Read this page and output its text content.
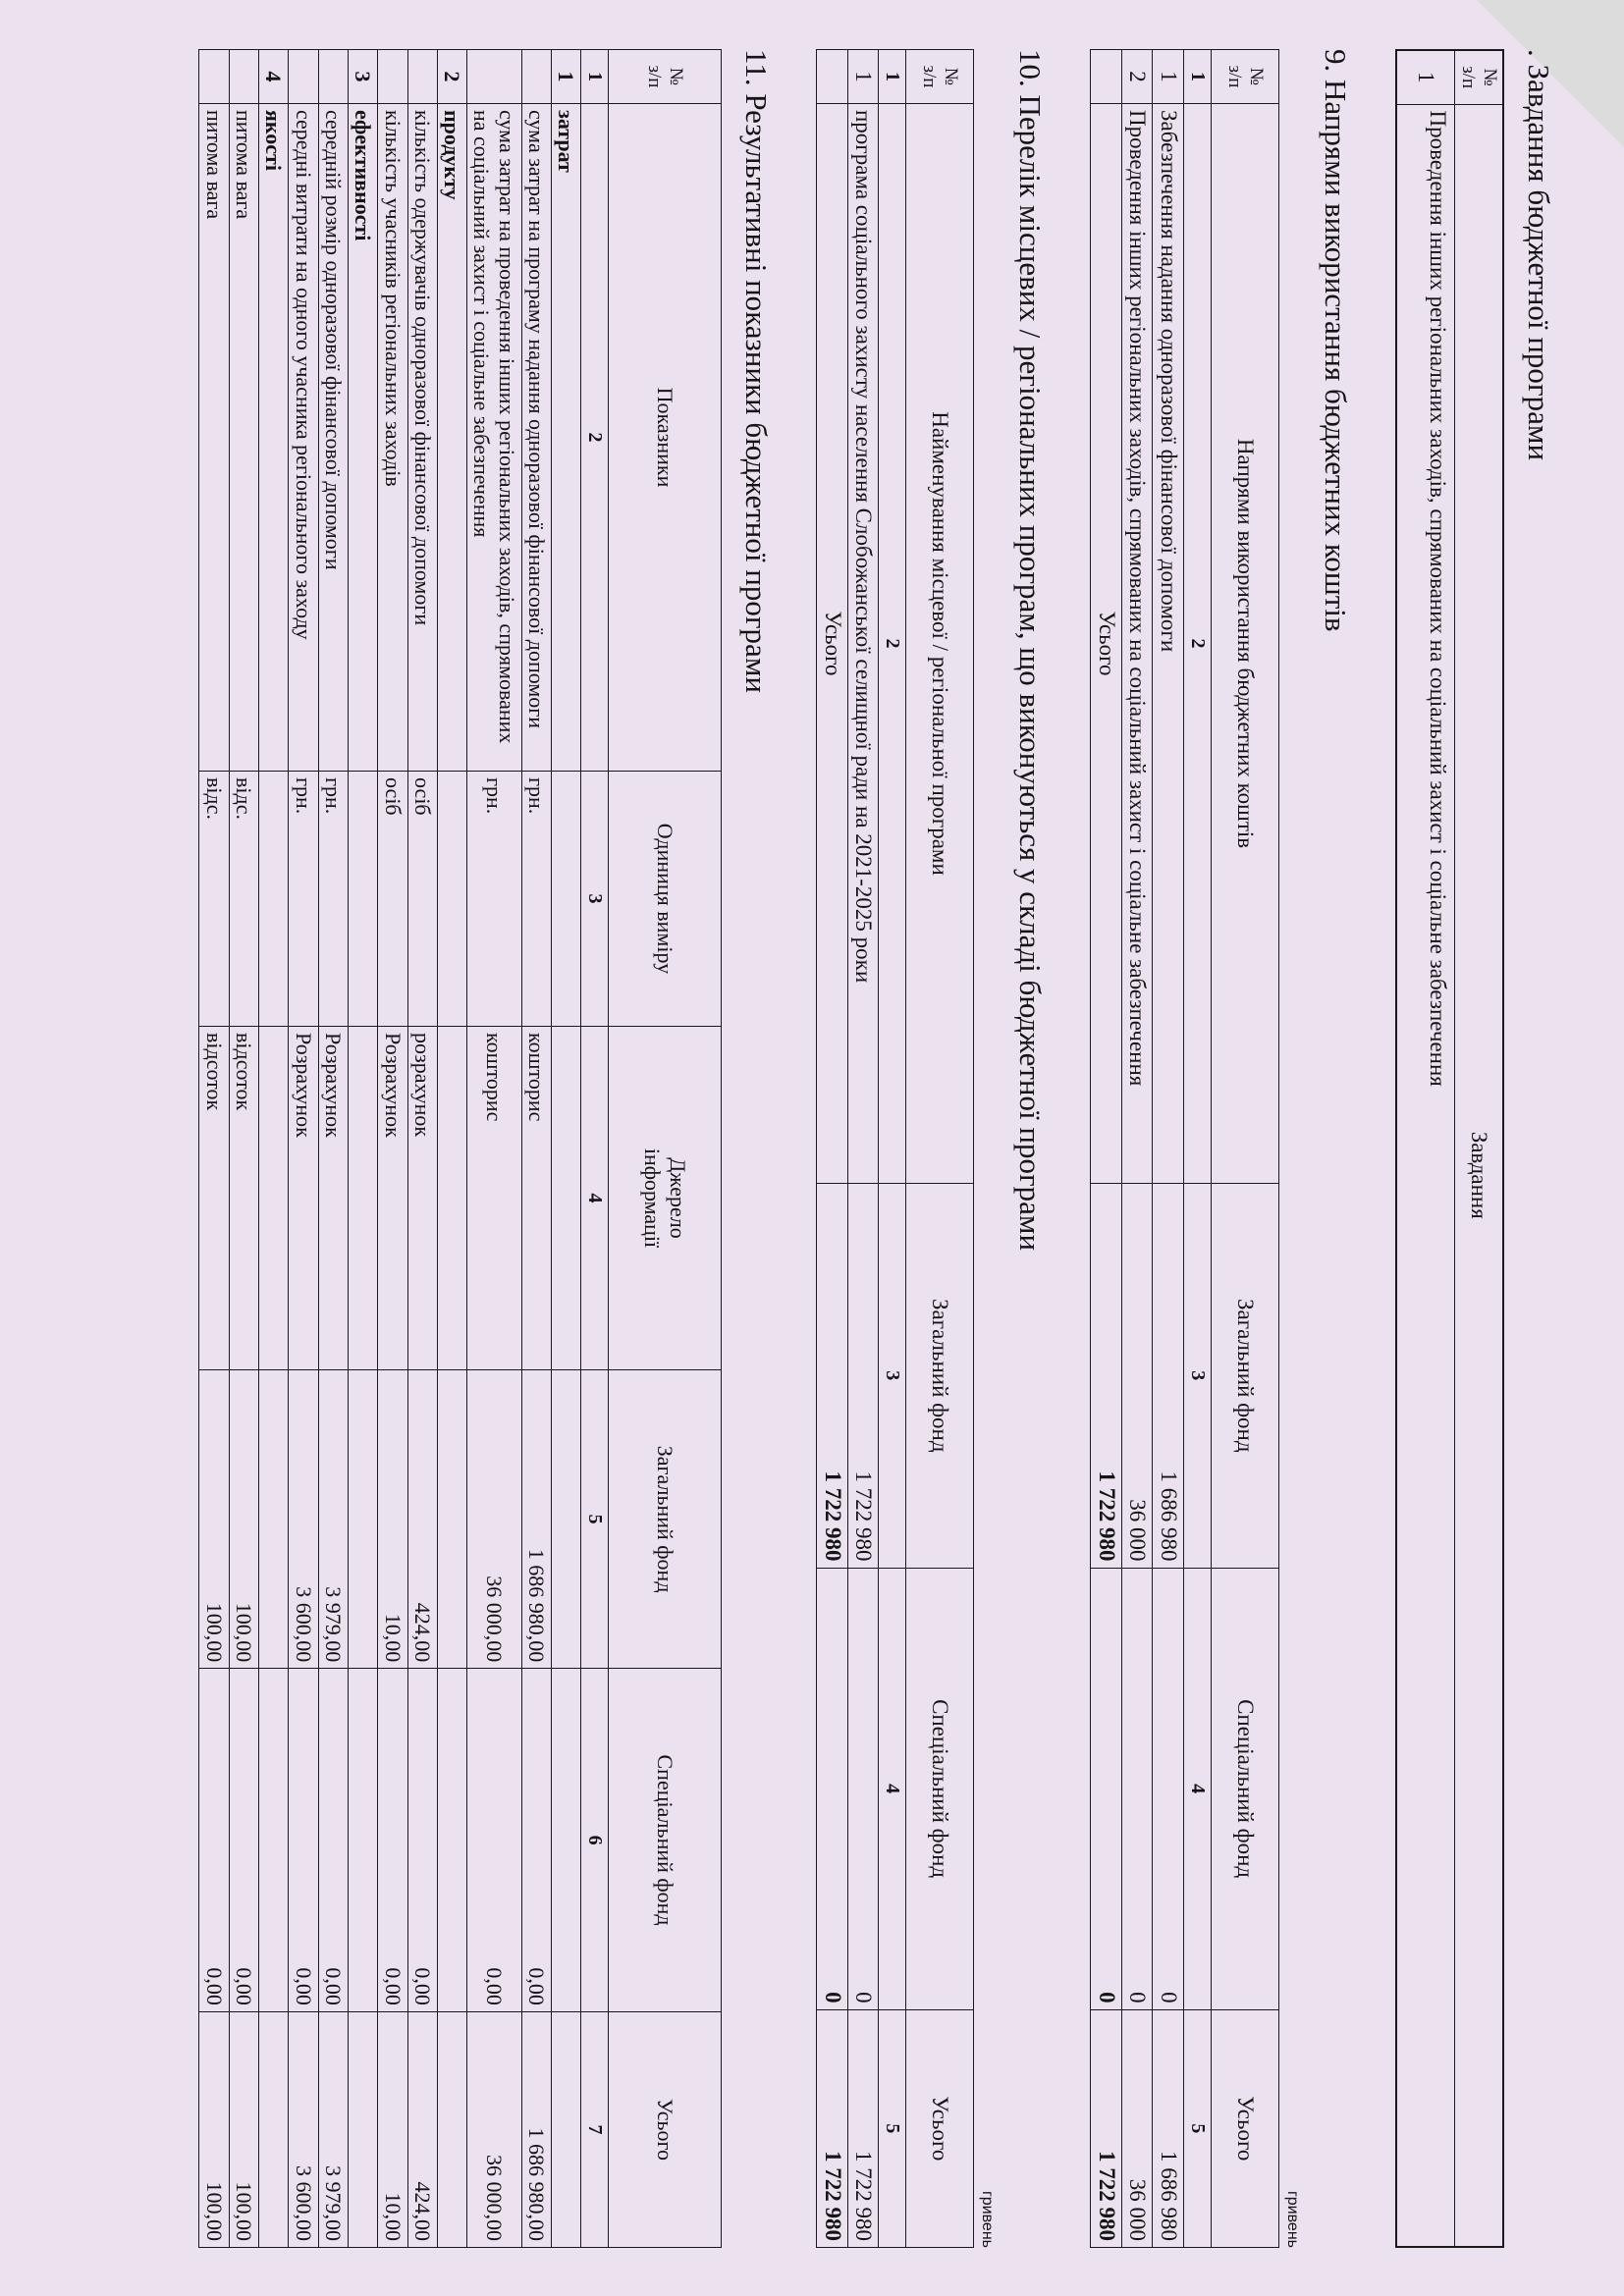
. Завдання бюджетної програми
№
з/п	Завдання
1	Проведення інших регіональних заходів, спрямованих на соціальний захист і соціальне забезпечення
9. Напрями використання бюджетних коштів
гривень
№
з/п	Напрями використання бюджетних коштів	Загальний фонд	Спеціальний фонд	Усього
1	2	3	4	5
1	Забезпечення надання одноразової фінансової допомоги	1 686 980	0	1 686 980
2	Проведення інших регіональних заходів, спрямованих на соціальний захист і соціальне забезпечення	36 000	0	36 000
	Усього	1 722 980	0	1 722 980
10. Перелік місцевих / регіональних програм, що виконуються у складі бюджетної програми
гривень
№
з/п	Найменування місцевої / регіональної програми	Загальний фонд	Спеціальний фонд	Усього
1	2	3	4	5
1	програма соціального захисту населення Слобожанської селищної ради на 2021-2025 роки	1 722 980	0	1 722 980
	Усього	1 722 980	0	1 722 980
11. Результативні показники бюджетної програми
№
з/п	Показники	Одиниця виміру	Джерело
інформації	Загальний фонд	Спеціальний фонд	Усього
1	2	3	4	5	6	7
1	затрат					
	сума затрат на програму надання одноразової фінансової допомоги	грн.	кошторис	1 686 980,00	0,00	1 686 980,00
	сума затрат на проведення інших регіональних заходів, спрямованих на соціальний захист і соціальне забезпечення	грн.	кошторис	36 000,00	0,00	36 000,00
2	продукту					
	кількість одержувачів одноразової фінансової допомоги	осіб	розрахунок	424,00	0,00	424,00
	кількість учасників регіональних заходів	осіб	Розрахунок	10,00	0,00	10,00
3	ефективності					
	середній розмір одноразової фінансової допомоги	грн.	Розрахунок	3 979,00	0,00	3 979,00
	середні витрати на одного учасника регіонального заходу	грн.	Розрахунок	3 600,00	0,00	3 600,00
4	якості					
	питома вага	відс.	відсоток	100,00	0,00	100,00
	питома вага	відс.	відсоток	100,00	0,00	100,00
